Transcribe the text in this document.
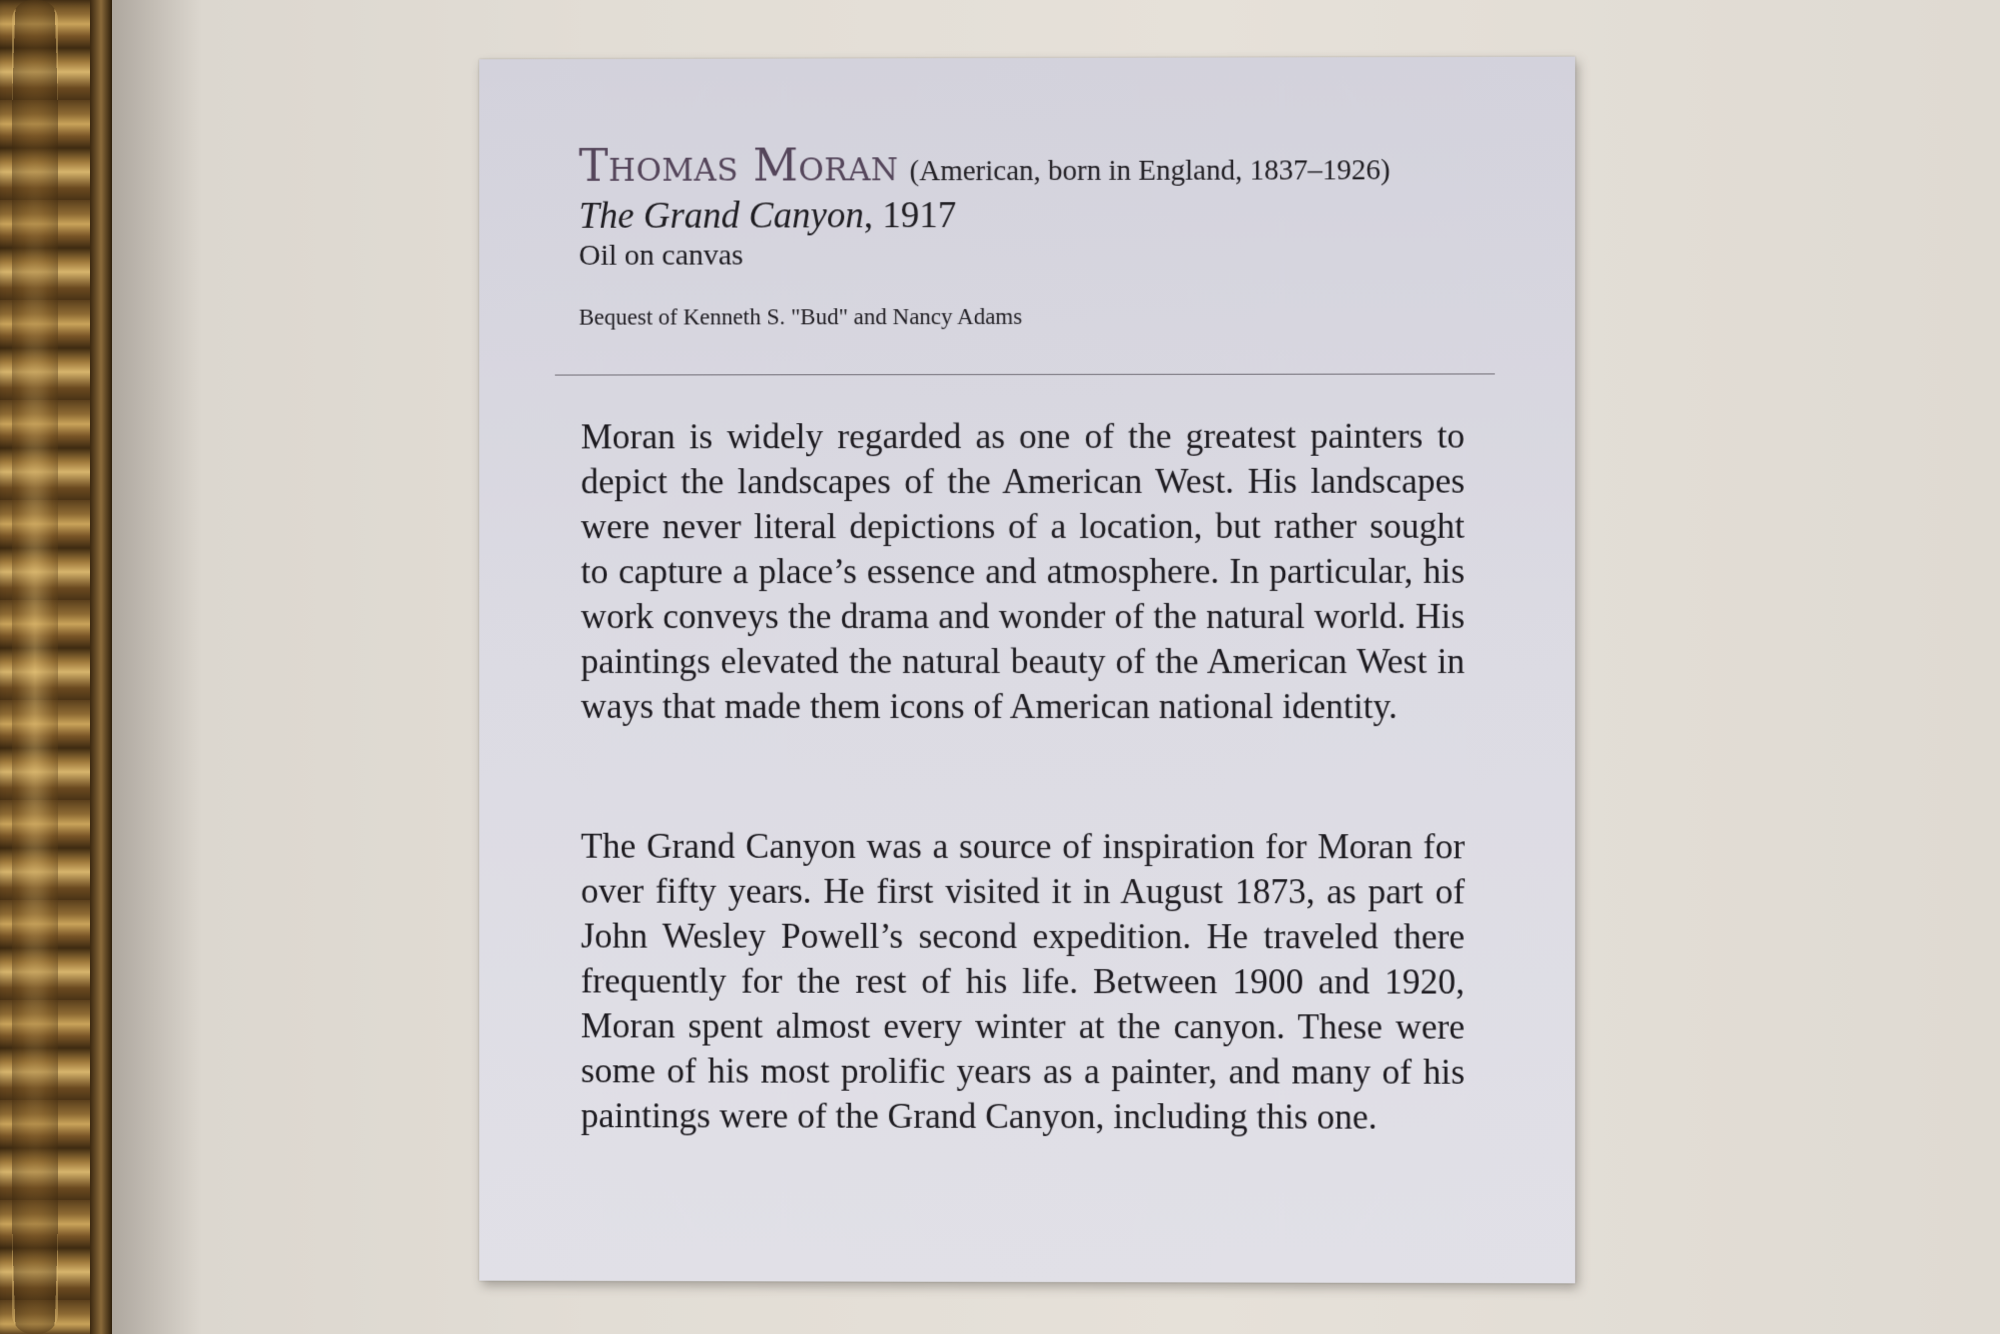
Thomas Moran (American, born in England, 1837–1926)
The Grand Canyon, 1917
Oil on canvas
Bequest of Kenneth S. "Bud" and Nancy Adams

Moran is widely regarded as one of the greatest painters to depict the landscapes of the American West. His landscapes were never literal depictions of a location, but rather sought to capture a place’s essence and atmosphere. In particular, his work conveys the drama and wonder of the natural world. His paintings elevated the natural beauty of the American West in ways that made them icons of American national identity.

The Grand Canyon was a source of inspiration for Moran for over fifty years. He first visited it in August 1873, as part of John Wesley Powell’s second expedition. He traveled there frequently for the rest of his life. Between 1900 and 1920, Moran spent almost every winter at the canyon. These were some of his most prolific years as a painter, and many of his paintings were of the Grand Canyon, including this one.
